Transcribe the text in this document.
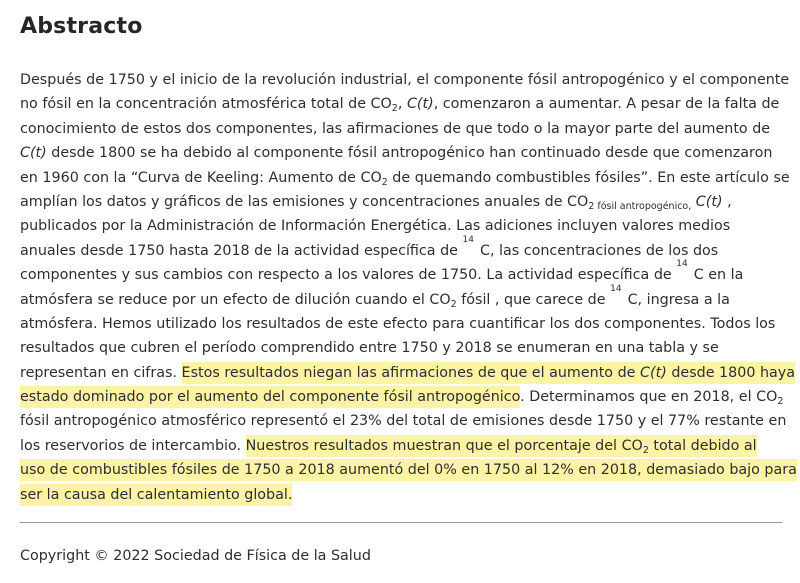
Abstracto
Después de 1750 y el inicio de la revolución industrial, el componente fósil antropogénico y el componente
no fósil en la concentración atmosférica total de $CO_2$, C(t), comenzaron a aumentar. A pesar de la falta de
conocimiento de estos dos componentes, las afirmaciones de que todo o la mayor parte del aumento de
C(t) desde 1800 se ha debido al componente fósil antropogénico han continuado desde que comenzaron
en 1960 con la “Curva de Keeling: Aumento de $CO_2$ de quemando combustibles fósiles”. En este artículo se
amplían los datos y gráficos de las emisiones y concentraciones anuales de $CO_{2 fósil antropogénico,}$ C(t) ,
publicados por la Administración de Información Energética. Las adiciones incluyen valores medios
anuales desde 1750 hasta 2018 de la actividad específica de $^{14}$C, las concentraciones de los dos
componentes y sus cambios con respecto a los valores de 1750. La actividad específica de $^{14}$C en la
atmósfera se reduce por un efecto de dilución cuando el $CO_2$ fósil , que carece de $^{14}$C, ingresa a la
atmósfera. Hemos utilizado los resultados de este efecto para cuantificar los dos componentes. Todos los
resultados que cubren el período comprendido entre 1750 y 2018 se enumeran en una tabla y se
representan en cifras. Estos resultados niegan las afirmaciones de que el aumento de C(t) desde 1800 haya
estado dominado por el aumento del componente fósil antropogénico. Determinamos que en 2018, el $CO_2$
fósil antropogénico atmosférico representó el 23% del total de emisiones desde 1750 y el 77% restante en
los reservorios de intercambio. Nuestros resultados muestran que el porcentaje del $CO_2$ total debido al
uso de combustibles fósiles de 1750 a 2018 aumentó del 0% en 1750 al 12% en 2018, demasiado bajo para
ser la causa del calentamiento global.
Copyright © 2022 Sociedad de Física de la Salud
